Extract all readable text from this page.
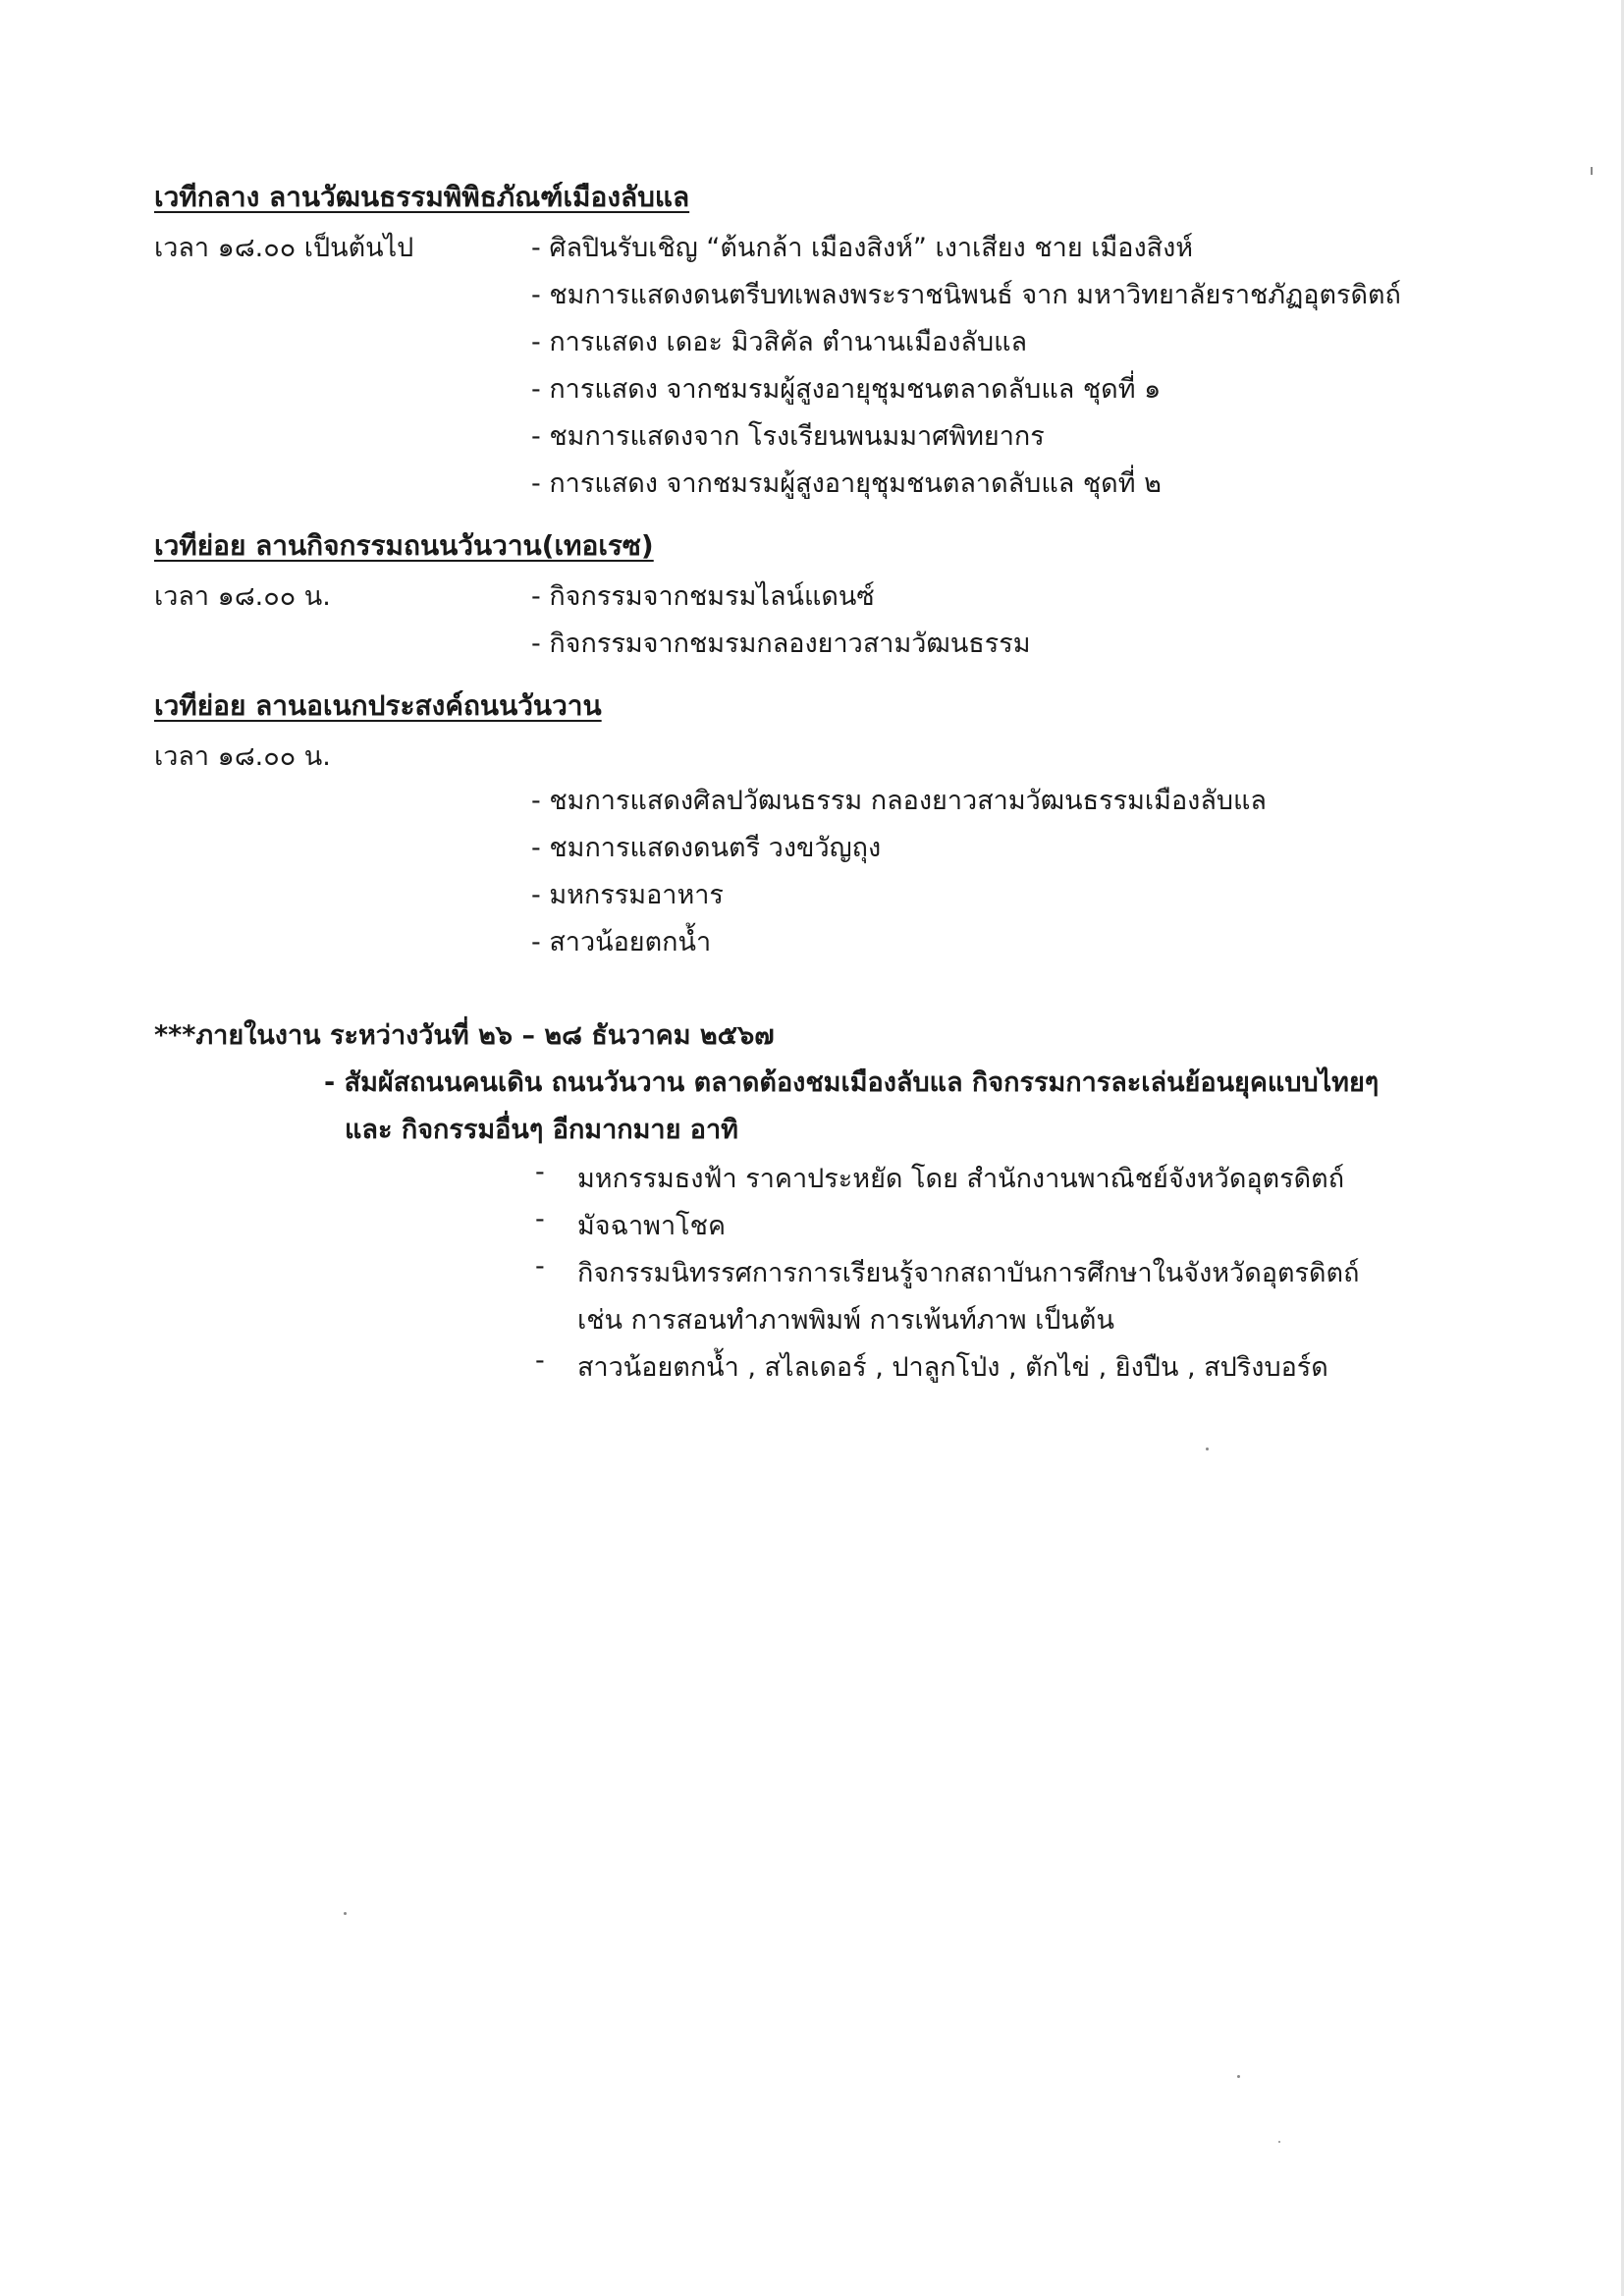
เวทีกลาง ลานวัฒนธรรมพิพิธภัณฑ์เมืองลับแล
เวลา ๑๘.๐๐ เป็นต้นไป	- ศิลปินรับเชิญ “ต้นกล้า เมืองสิงห์” เงาเสียง ชาย เมืองสิงห์
- ชมการแสดงดนตรีบทเพลงพระราชนิพนธ์ จาก มหาวิทยาลัยราชภัฏอุตรดิตถ์
- การแสดง เดอะ มิวสิคัล ตำนานเมืองลับแล
- การแสดง จากชมรมผู้สูงอายุชุมชนตลาดลับแล ชุดที่ ๑
- ชมการแสดงจาก โรงเรียนพนมมาศพิทยากร
- การแสดง จากชมรมผู้สูงอายุชุมชนตลาดลับแล ชุดที่ ๒
เวทีย่อย ลานกิจกรรมถนนวันวาน(เทอเรซ)
เวลา ๑๘.๐๐ น.	- กิจกรรมจากชมรมไลน์แดนซ์
- กิจกรรมจากชมรมกลองยาวสามวัฒนธรรม
เวทีย่อย ลานอเนกประสงค์ถนนวันวาน
เวลา ๑๘.๐๐ น.
- ชมการแสดงศิลปวัฒนธรรม กลองยาวสามวัฒนธรรมเมืองลับแล
- ชมการแสดงดนตรี วงขวัญถุง
- มหกรรมอาหาร
- สาวน้อยตกน้ำ
***ภายในงาน ระหว่างวันที่ ๒๖ – ๒๘ ธันวาคม ๒๕๖๗
- สัมผัสถนนคนเดิน ถนนวันวาน ตลาดต้องชมเมืองลับแล กิจกรรมการละเล่นย้อนยุคแบบไทยๆ
และ กิจกรรมอื่นๆ อีกมากมาย อาทิ
- มหกรรมธงฟ้า ราคาประหยัด โดย สำนักงานพาณิชย์จังหวัดอุตรดิตถ์
- มัจฉาพาโชค
- กิจกรรมนิทรรศการการเรียนรู้จากสถาบันการศึกษาในจังหวัดอุตรดิตถ์
เช่น การสอนทำภาพพิมพ์ การเพ้นท์ภาพ เป็นต้น
- สาวน้อยตกน้ำ , สไลเดอร์ , ปาลูกโป่ง , ตักไข่ , ยิงปืน , สปริงบอร์ด
